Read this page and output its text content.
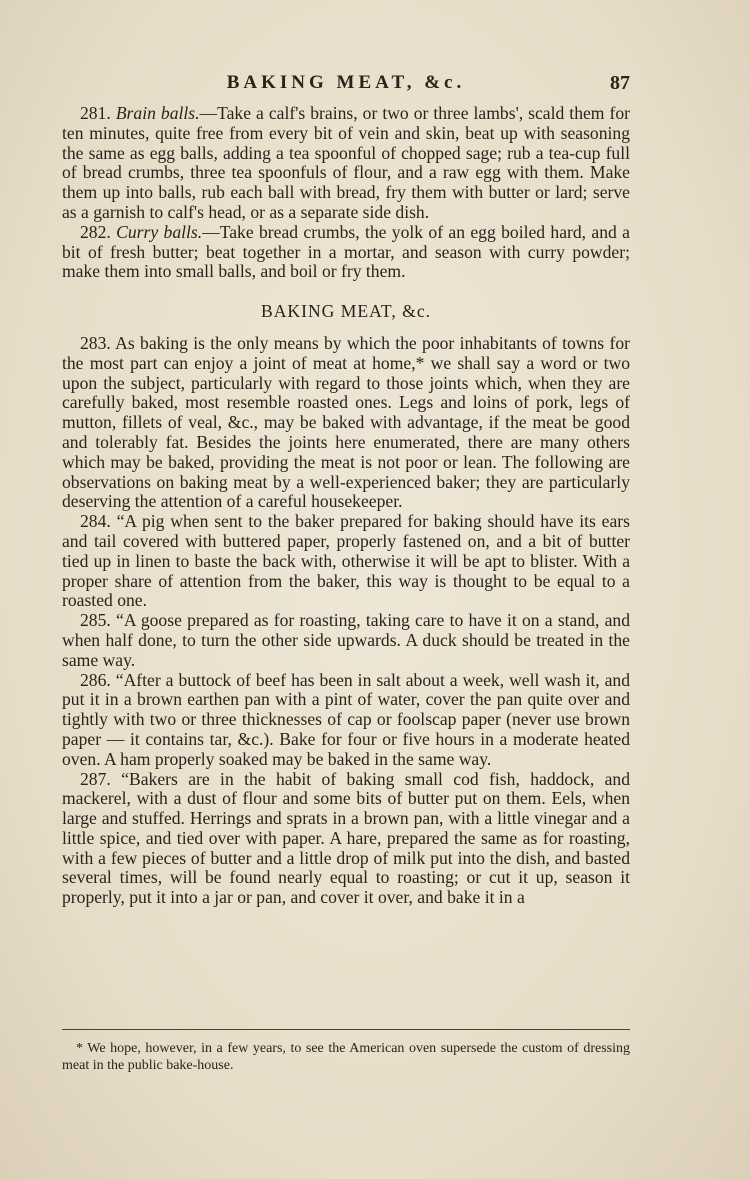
BAKING MEAT, &c.	87

281. Brain balls.—Take a calf's brains, or two or three lambs', scald them for ten minutes, quite free from every bit of vein and skin, beat up with seasoning the same as egg balls, adding a tea spoonful of chopped sage; rub a tea-cup full of bread crumbs, three tea spoonfuls of flour, and a raw egg with them. Make them up into balls, rub each ball with bread, fry them with butter or lard; serve as a garnish to calf's head, or as a separate side dish.

282. Curry balls.—Take bread crumbs, the yolk of an egg boiled hard, and a bit of fresh butter; beat together in a mortar, and season with curry powder; make them into small balls, and boil or fry them.

BAKING MEAT, &c.

283. As baking is the only means by which the poor inhabitants of towns for the most part can enjoy a joint of meat at home,* we shall say a word or two upon the subject, particularly with regard to those joints which, when they are carefully baked, most resemble roasted ones. Legs and loins of pork, legs of mutton, fillets of veal, &c., may be baked with advantage, if the meat be good and tolerably fat. Besides the joints here enumerated, there are many others which may be baked, providing the meat is not poor or lean. The following are observations on baking meat by a well-experienced baker; they are particularly deserving the attention of a careful housekeeper.

284. “A pig when sent to the baker prepared for baking should have its ears and tail covered with buttered paper, properly fastened on, and a bit of butter tied up in linen to baste the back with, otherwise it will be apt to blister. With a proper share of attention from the baker, this way is thought to be equal to a roasted one.

285. “A goose prepared as for roasting, taking care to have it on a stand, and when half done, to turn the other side upwards. A duck should be treated in the same way.

286. “After a buttock of beef has been in salt about a week, well wash it, and put it in a brown earthen pan with a pint of water, cover the pan quite over and tightly with two or three thicknesses of cap or foolscap paper (never use brown paper — it contains tar, &c.). Bake for four or five hours in a moderate heated oven. A ham properly soaked may be baked in the same way.

287. “Bakers are in the habit of baking small cod fish, haddock, and mackerel, with a dust of flour and some bits of butter put on them. Eels, when large and stuffed. Herrings and sprats in a brown pan, with a little vinegar and a little spice, and tied over with paper. A hare, prepared the same as for roasting, with a few pieces of butter and a little drop of milk put into the dish, and basted several times, will be found nearly equal to roasting; or cut it up, season it properly, put it into a jar or pan, and cover it over, and bake it in a

* We hope, however, in a few years, to see the American oven supersede the custom of dressing meat in the public bake-house.
